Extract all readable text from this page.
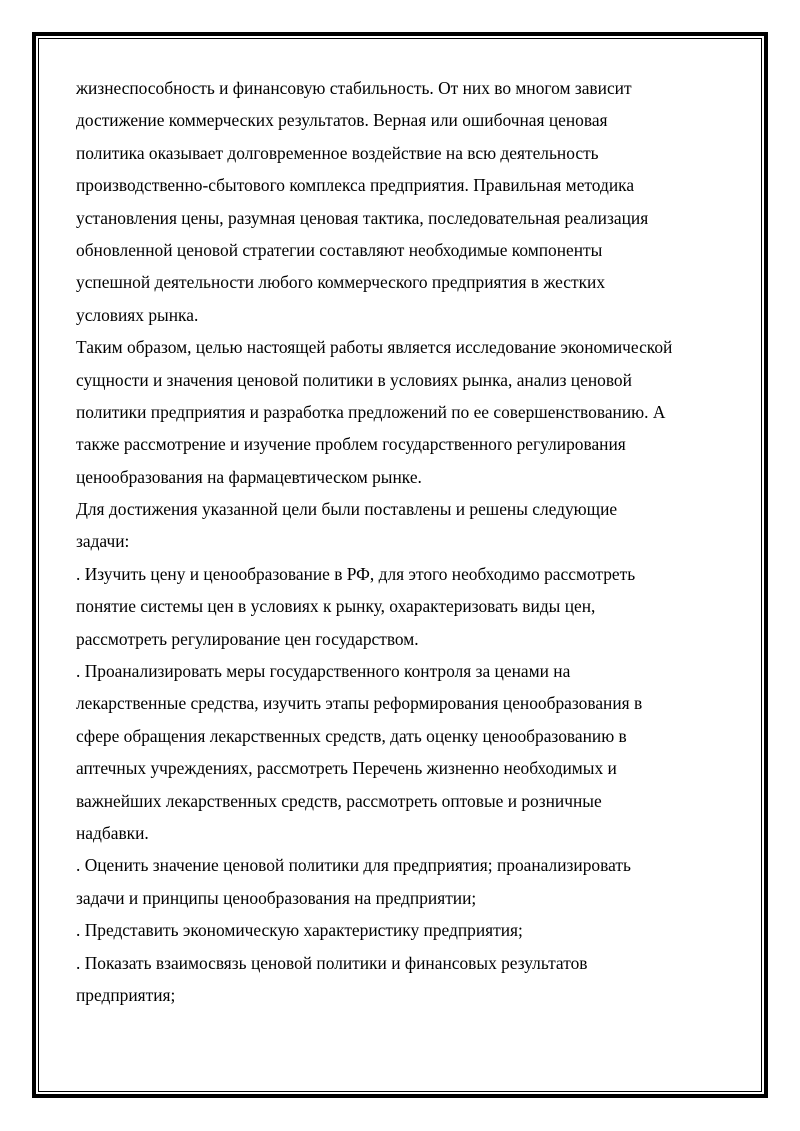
жизнеспособность и финансовую стабильность. От них во многом зависит
достижение коммерческих результатов. Верная или ошибочная ценовая
политика оказывает долговременное воздействие на всю деятельность
производственно-сбытового комплекса предприятия. Правильная методика
установления цены, разумная ценовая тактика, последовательная реализация
обновленной ценовой стратегии составляют необходимые компоненты
успешной деятельности любого коммерческого предприятия в жестких
условиях рынка.
Таким образом, целью настоящей работы является исследование экономической
сущности и значения ценовой политики в условиях рынка, анализ ценовой
политики предприятия и разработка предложений по ее совершенствованию. А
также рассмотрение и изучение проблем государственного регулирования
ценообразования на фармацевтическом рынке.
Для достижения указанной цели были поставлены и решены следующие
задачи:
. Изучить цену и ценообразование в РФ, для этого необходимо рассмотреть
понятие системы цен в условиях к рынку, охарактеризовать виды цен,
рассмотреть регулирование цен государством.
. Проанализировать меры государственного контроля за ценами на
лекарственные средства, изучить этапы реформирования ценообразования в
сфере обращения лекарственных средств, дать оценку ценообразованию в
аптечных учреждениях, рассмотреть Перечень жизненно необходимых и
важнейших лекарственных средств, рассмотреть оптовые и розничные
надбавки.
. Оценить значение ценовой политики для предприятия; проанализировать
задачи и принципы ценообразования на предприятии;
. Представить экономическую характеристику предприятия;
. Показать взаимосвязь ценовой политики и финансовых результатов
предприятия;
